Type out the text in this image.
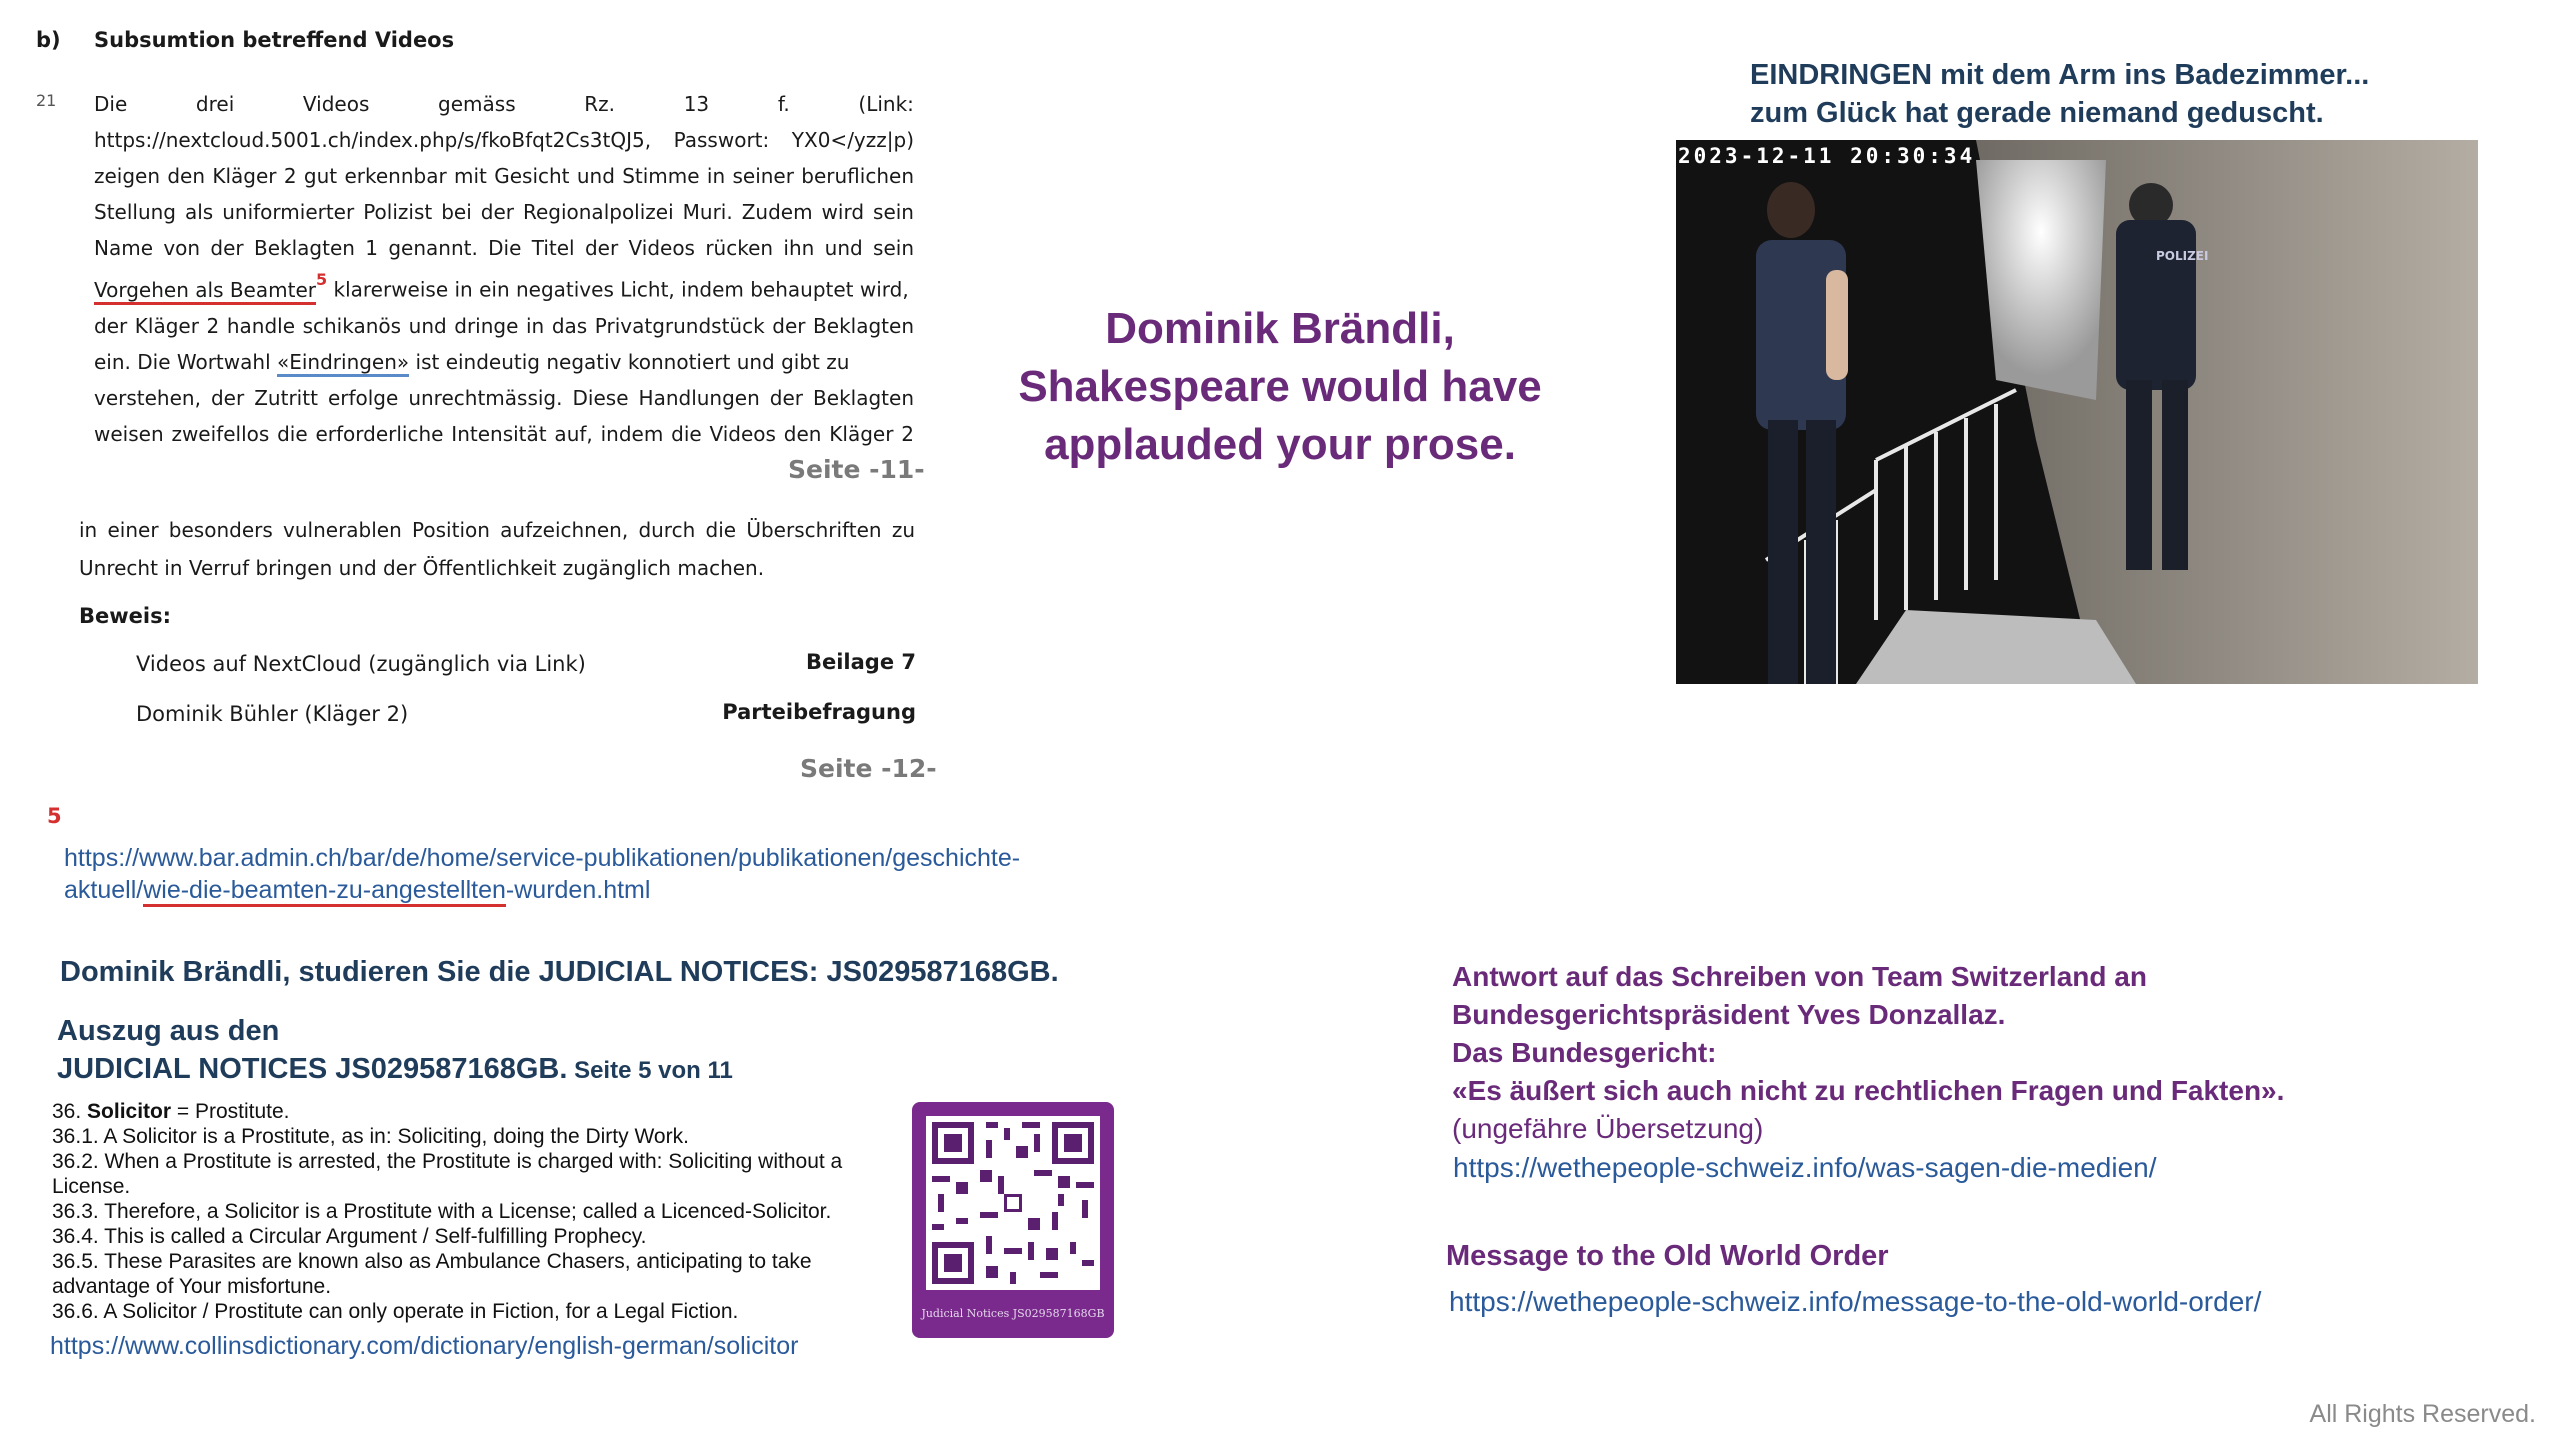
b) Subsumtion betreffend Videos
21 Die	drei	Videos	gemäss	Rz.	13	f.	(Link:
https://nextcloud.5001.ch/index.php/s/fkoBfqt2Cs3tQJ5, Passwort: YX0</yzz|p)
zeigen den Kläger 2 gut erkennbar mit Gesicht und Stimme in seiner beruflichen
Stellung als uniformierter Polizist bei der Regionalpolizei Muri. Zudem wird sein
Name von der Beklagten 1 genannt. Die Titel der Videos rücken ihn und sein
Vorgehen als Beamter$^5$ klarerweise in ein negatives Licht, indem behauptet wird,
der Kläger 2 handle schikanös und dringe in das Privatgrundstück der Beklagten
ein. Die Wortwahl «Eindringen» ist eindeutig negativ konnotiert und gibt zu
verstehen, der Zutritt erfolge unrechtmässig. Diese Handlungen der Beklagten
weisen zweifellos die erforderliche Intensität auf, indem die Videos den Kläger 2
Seite -11-
in einer besonders vulnerablen Position aufzeichnen, durch die Überschriften zu
Unrecht in Verruf bringen und der Öffentlichkeit zugänglich machen.
Beweis:
Videos auf NextCloud (zugänglich via Link)	Beilage 7
Dominik Bühler (Kläger 2)	Parteibefragung
Seite -12-
5
https://www.bar.admin.ch/bar/de/home/service-publikationen/publikationen/geschichte-
aktuell/wie-die-beamten-zu-angestellten-wurden.html
Dominik Brändli,
Shakespeare would have
applauded your prose.
EINDRINGEN mit dem Arm ins Badezimmer...
zum Glück hat gerade niemand geduscht.
POLIZEI
2023-12-11 20:30:34
Dominik Brändli, studieren Sie die JUDICIAL NOTICES: JS029587168GB.
Auszug aus den
JUDICIAL NOTICES JS029587168GB. Seite 5 von 11
36. Solicitor = Prostitute.
36.1. A Solicitor is a Prostitute, as in: Soliciting, doing the Dirty Work.
36.2. When a Prostitute is arrested, the Prostitute is charged with: Soliciting without a License.
36.3. Therefore, a Solicitor is a Prostitute with a License; called a Licenced-Solicitor.
36.4. This is called a Circular Argument / Self-fulfilling Prophecy.
36.5. These Parasites are known also as Ambulance Chasers, anticipating to take advantage of Your misfortune.
36.6. A Solicitor / Prostitute can only operate in Fiction, for a Legal Fiction.
https://www.collinsdictionary.com/dictionary/english-german/solicitor
Judicial Notices JS029587168GB
Antwort auf das Schreiben von Team Switzerland an
Bundesgerichtspräsident Yves Donzallaz.
Das Bundesgericht:
«Es äußert sich auch nicht zu rechtlichen Fragen und Fakten».
(ungefähre Übersetzung)
https://wethepeople-schweiz.info/was-sagen-die-medien/
Message to the Old World Order
https://wethepeople-schweiz.info/message-to-the-old-world-order/
All Rights Reserved.
